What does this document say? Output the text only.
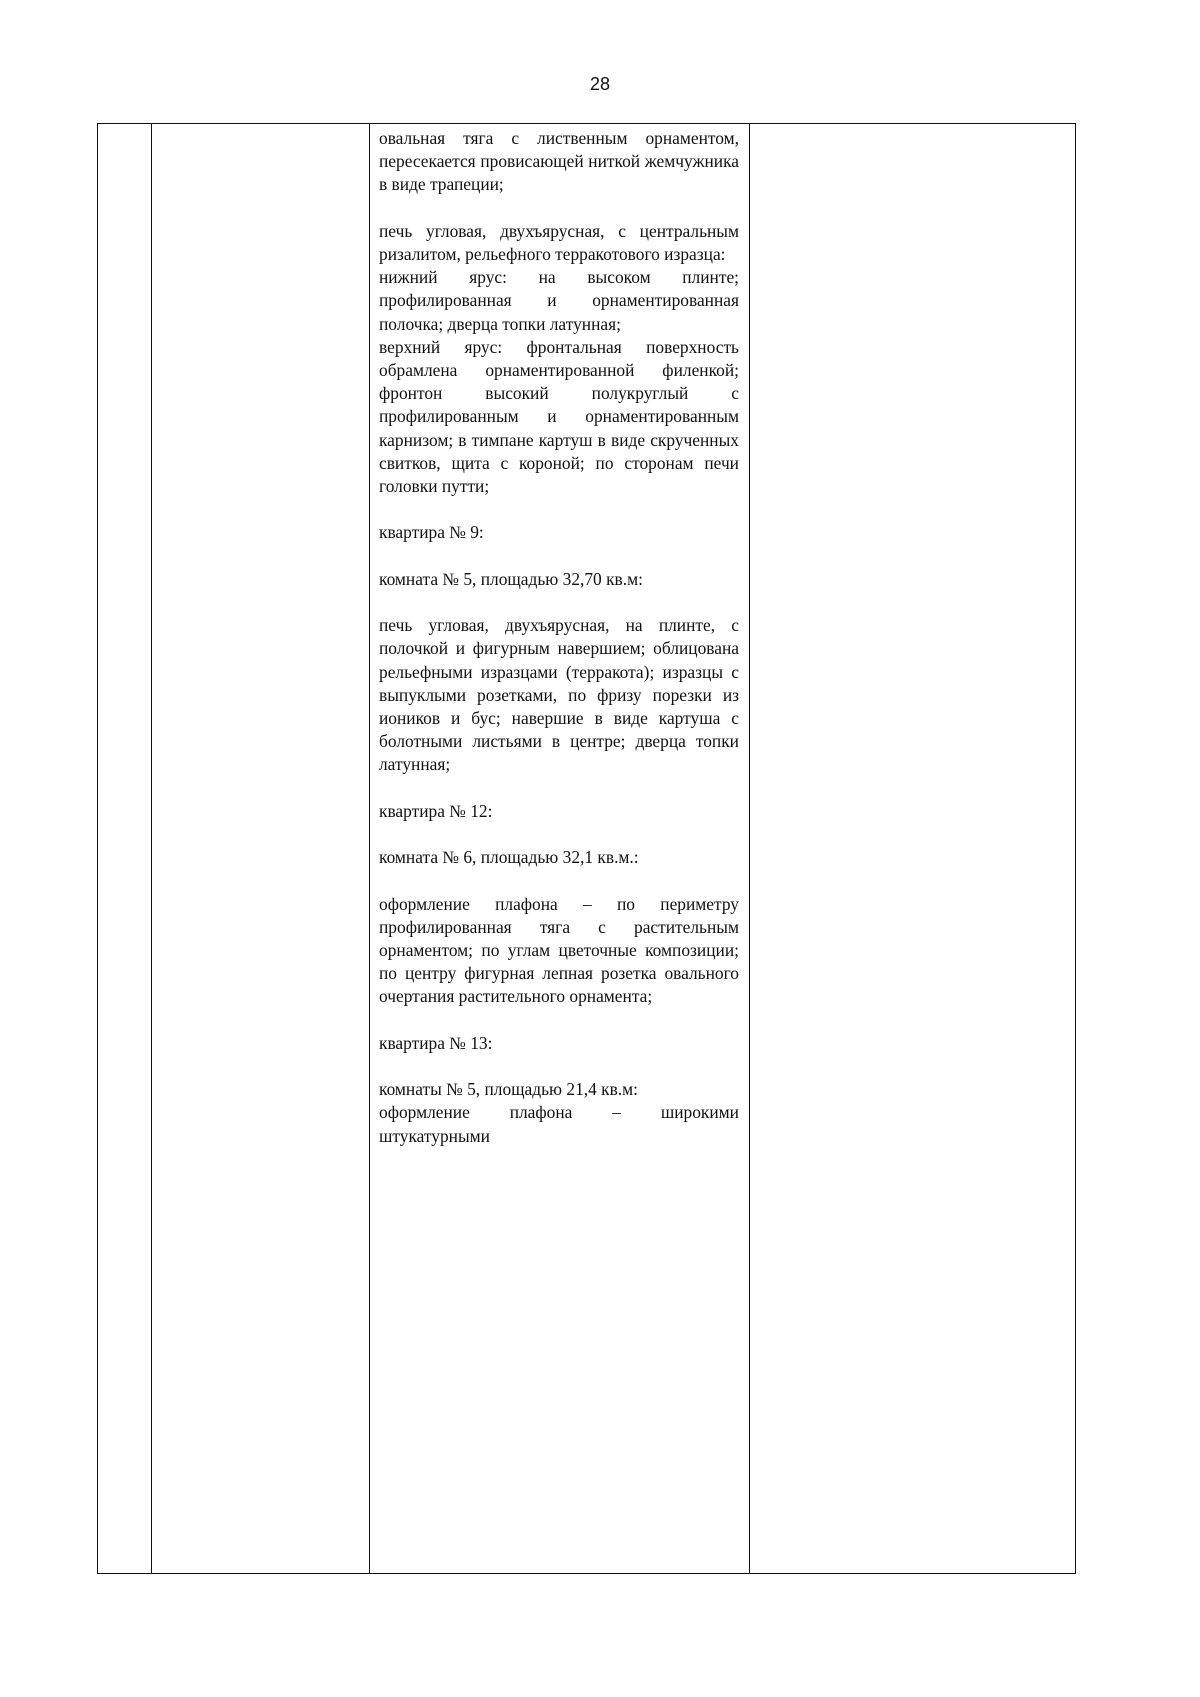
28

овальная тяга с лиственным орнаментом, пересекается провисающей ниткой жемчужника в виде трапеции;

печь угловая, двухъярусная, с центральным ризалитом, рельефного терракотового изразца:

нижний ярус: на высоком плинте; профилированная и орнаментированная полочка; дверца топки латунная;

верхний ярус: фронтальная поверхность обрамлена орнаментированной филенкой; фронтон высокий полукруглый с профилированным и орнаментированным карнизом; в тимпане картуш в виде скрученных свитков, щита с короной; по сторонам печи головки путти;

квартира № 9:

комната № 5, площадью 32,70 кв.м:

печь угловая, двухъярусная, на плинте, с полочкой и фигурным навершием; облицована рельефными изразцами (терракота); изразцы с выпуклыми розетками, по фризу порезки из иоников и бус; навершие в виде картуша с болотными листьями в центре; дверца топки латунная;

квартира № 12:

комната № 6, площадью 32,1 кв.м.:

оформление плафона – по периметру профилированная тяга с растительным орнаментом; по углам цветочные композиции; по центру фигурная лепная розетка овального очертания растительного орнамента;

квартира № 13:

комнаты № 5, площадью 21,4 кв.м:

оформление плафона – широкими штукатурными
